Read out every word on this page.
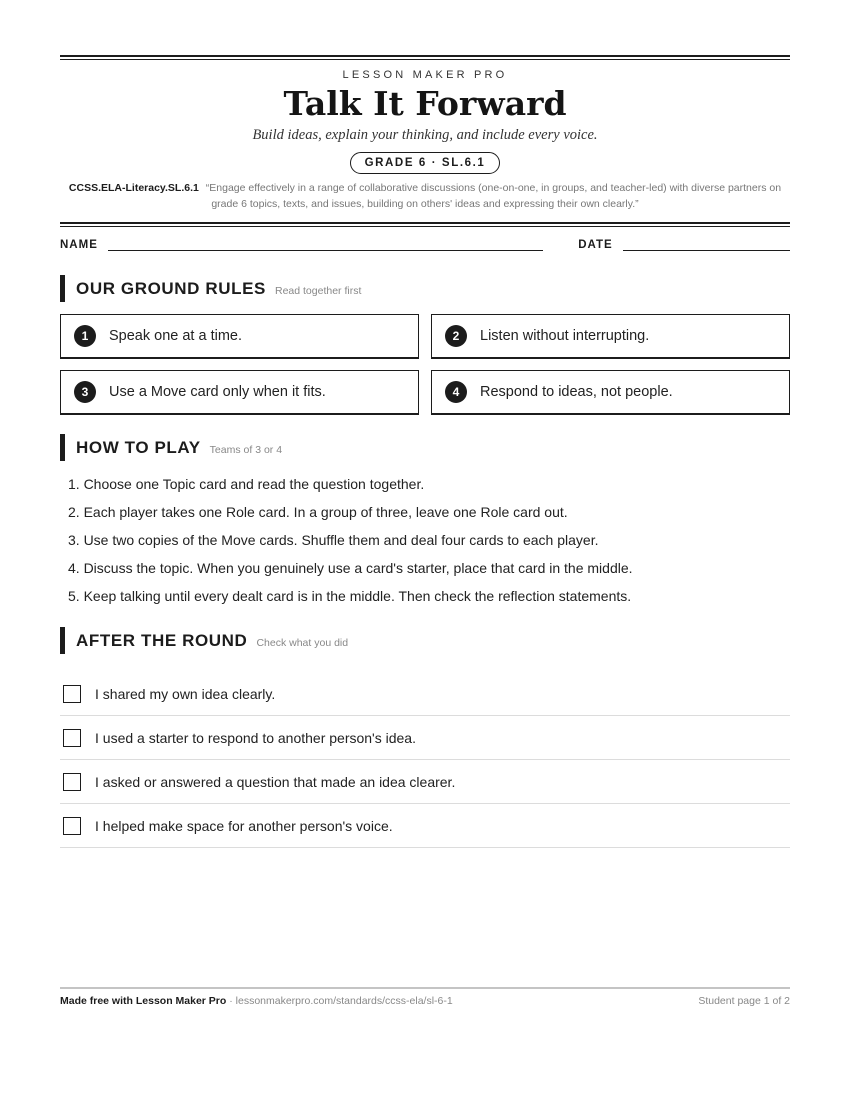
LESSON MAKER PRO
Talk It Forward
Build ideas, explain your thinking, and include every voice.
GRADE 6 · SL.6.1
CCSS.ELA-Literacy.SL.6.1 “Engage effectively in a range of collaborative discussions (one-on-one, in groups, and teacher-led) with diverse partners on grade 6 topics, texts, and issues, building on others' ideas and expressing their own clearly.”
NAME	DATE
OUR GROUND RULES Read together first
1	Speak one at a time.	2	Listen without interrupting.
3	Use a Move card only when it fits.	4	Respond to ideas, not people.
HOW TO PLAY Teams of 3 or 4
1. Choose one Topic card and read the question together.
2. Each player takes one Role card. In a group of three, leave one Role card out.
3. Use two copies of the Move cards. Shuffle them and deal four cards to each player.
4. Discuss the topic. When you genuinely use a card's starter, place that card in the middle.
5. Keep talking until every dealt card is in the middle. Then check the reflection statements.
AFTER THE ROUND Check what you did
I shared my own idea clearly.
I used a starter to respond to another person's idea.
I asked or answered a question that made an idea clearer.
I helped make space for another person's voice.
Made free with Lesson Maker Pro · lessonmakerpro.com/standards/ccss-ela/sl-6-1	Student page 1 of 2
